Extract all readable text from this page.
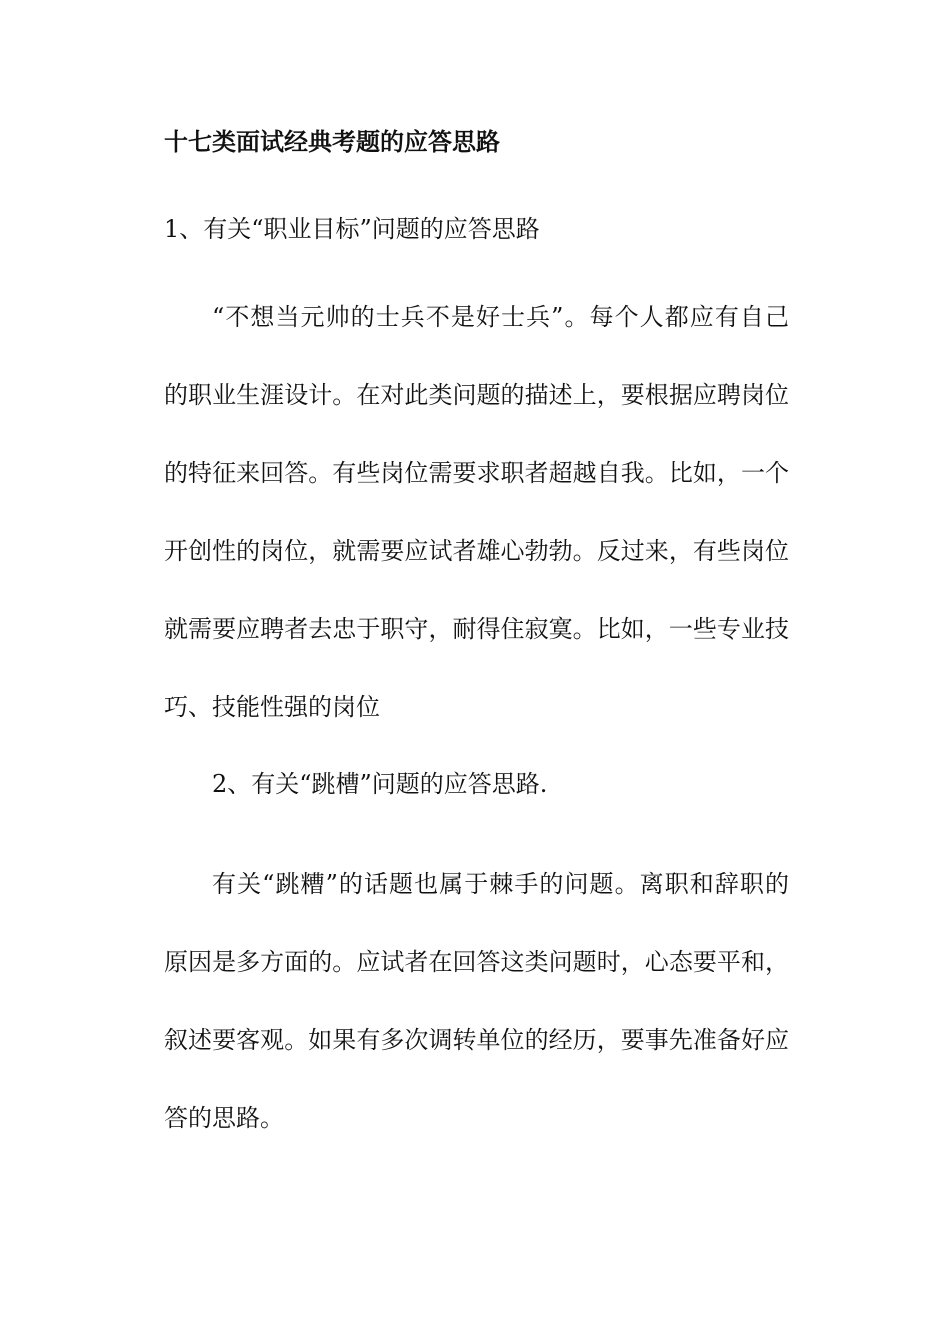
十七类面试经典考题的应答思路
1、有关“职业目标”问题的应答思路
“不想当元帅的士兵不是好士兵”。每个人都应有自己
的职业生涯设计。在对此类问题的描述上，要根据应聘岗位
的特征来回答。有些岗位需要求职者超越自我。比如，一个
开创性的岗位，就需要应试者雄心勃勃。反过来，有些岗位
就需要应聘者去忠于职守，耐得住寂寞。比如，一些专业技
巧、技能性强的岗位
2、有关“跳槽”问题的应答思路.
有关“跳糟”的话题也属于棘手的问题。离职和辞职的
原因是多方面的。应试者在回答这类问题时，心态要平和，
叙述要客观。如果有多次调转单位的经历，要事先准备好应
答的思路。
